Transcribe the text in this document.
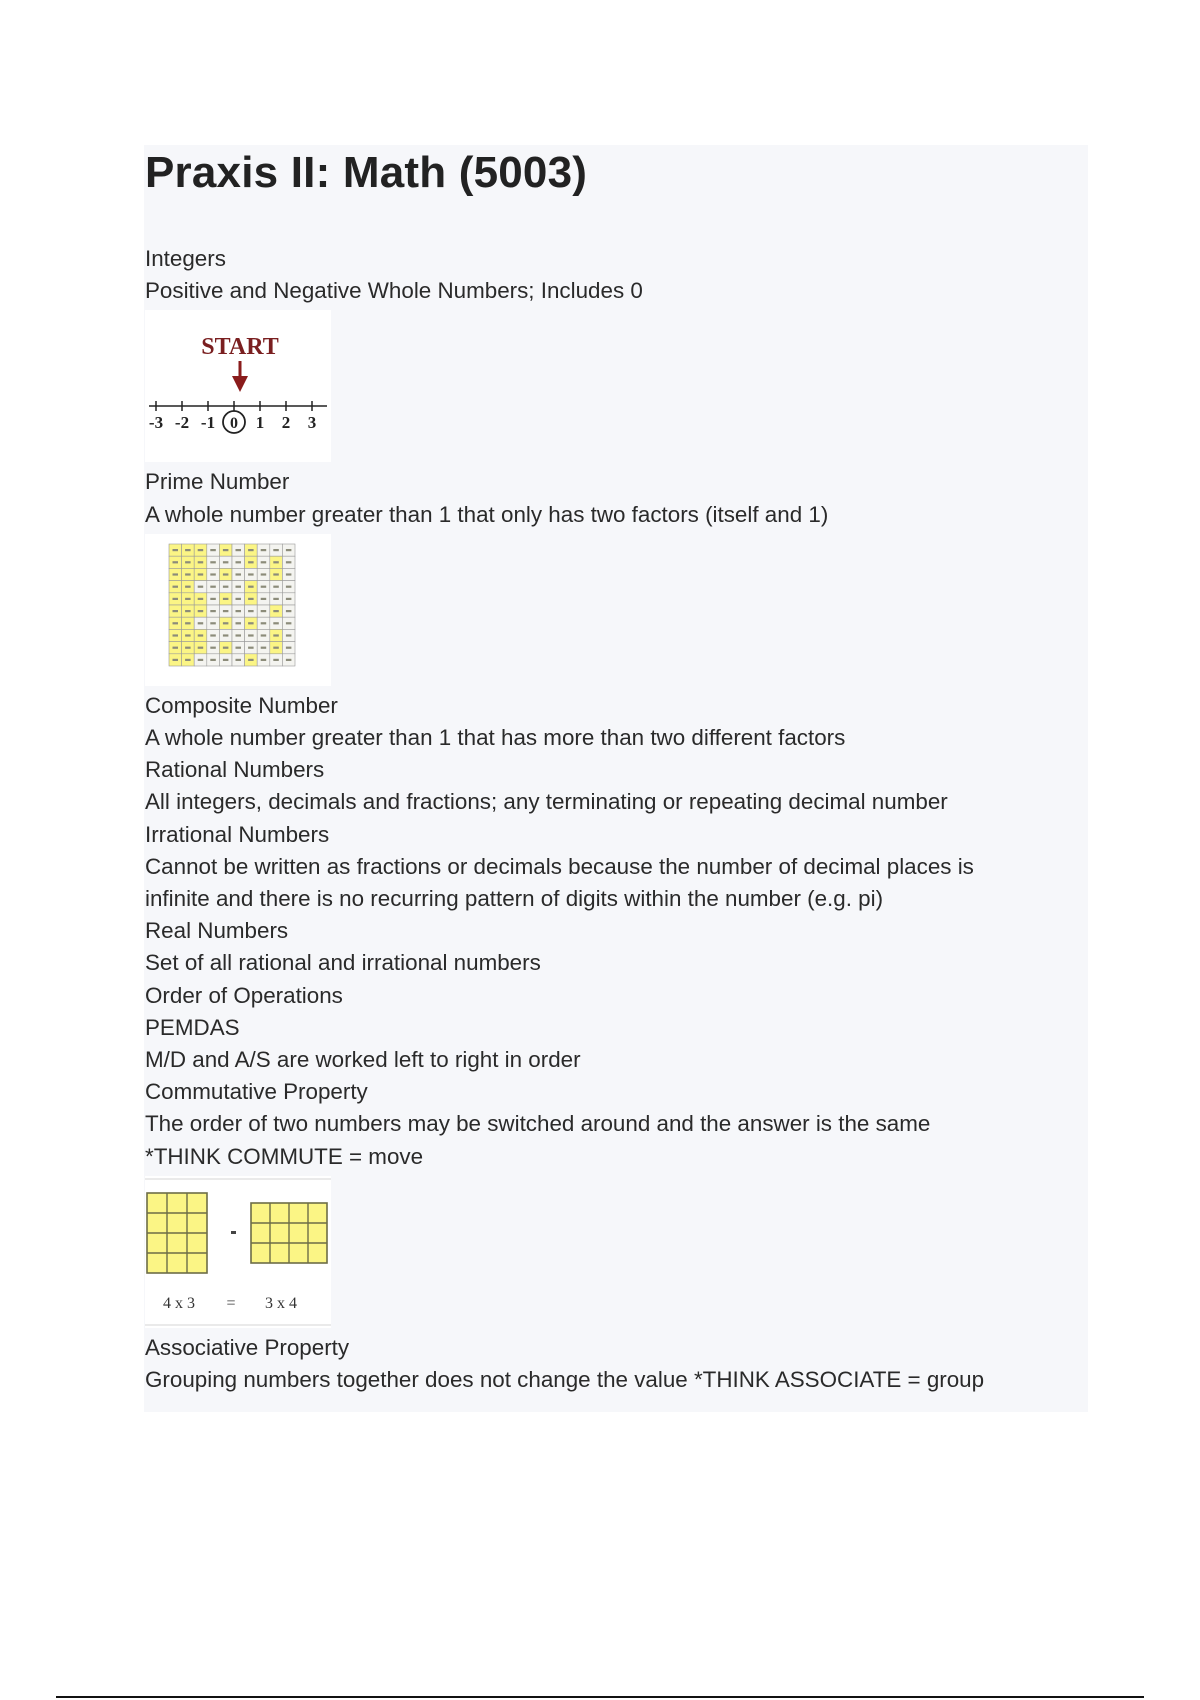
Praxis II: Math (5003)

Integers

Positive and Negative Whole Numbers; Includes 0

START
-3 -2 -1 0 1 2 3

Prime Number

A whole number greater than 1 that only has two factors (itself and 1)

Composite Number

A whole number greater than 1 that has more than two different factors

Rational Numbers

All integers, decimals and fractions; any terminating or repeating decimal number

Irrational Numbers

Cannot be written as fractions or decimals because the number of decimal places is

infinite and there is no recurring pattern of digits within the number (e.g. pi)

Real Numbers

Set of all rational and irrational numbers

Order of Operations

PEMDAS

M/D and A/S are worked left to right in order

Commutative Property

The order of two numbers may be switched around and the answer is the same

*THINK COMMUTE = move

4 x 3 = 3 x 4

Associative Property

Grouping numbers together does not change the value *THINK ASSOCIATE = group
